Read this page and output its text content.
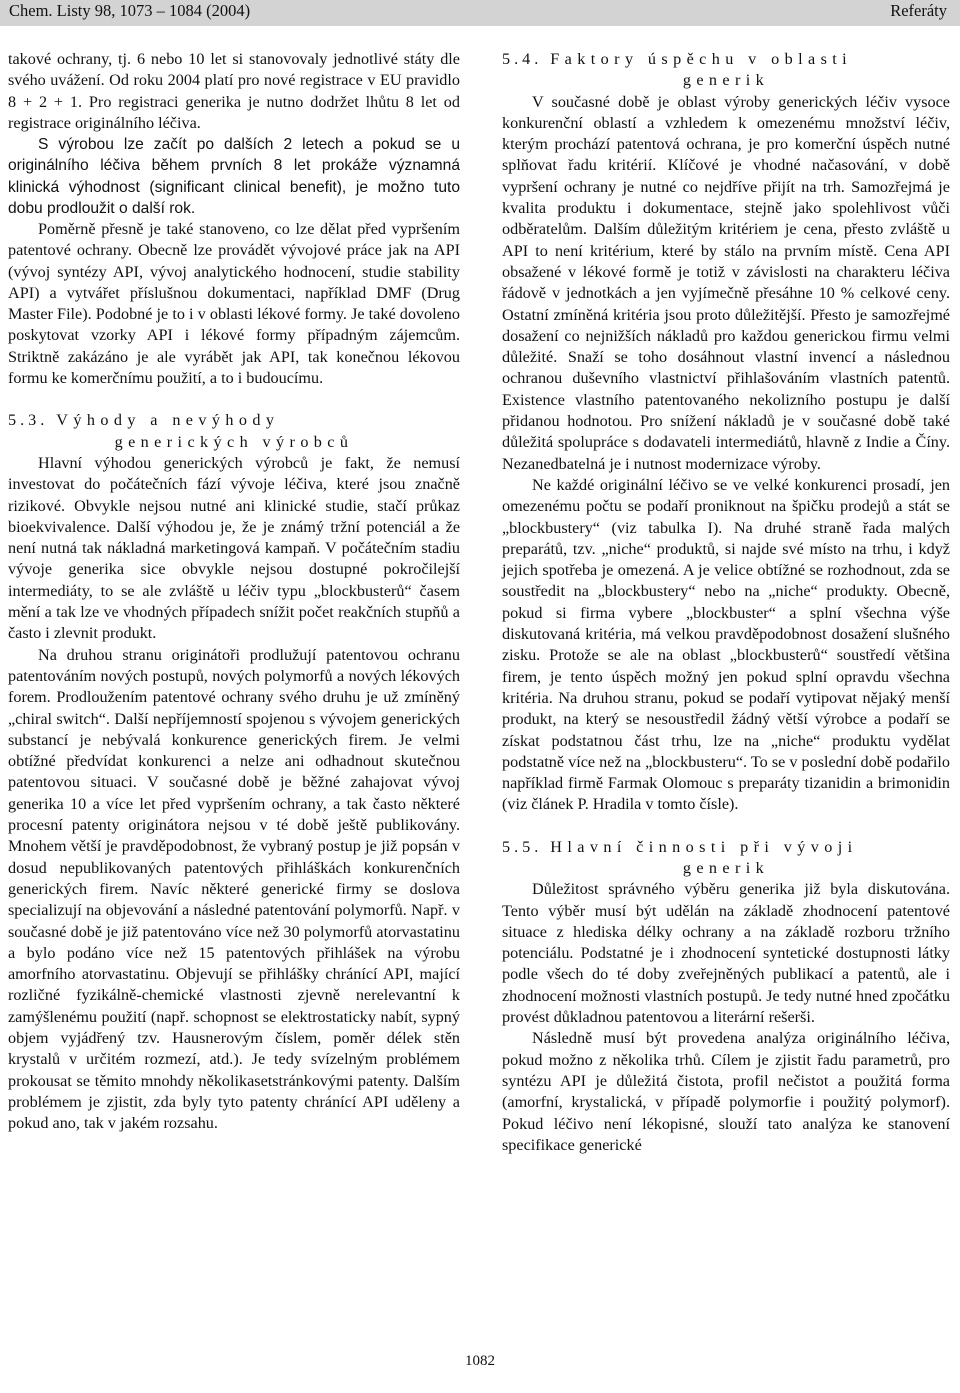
Chem. Listy 98, 1073 – 1084 (2004)	Referáty

takové ochrany, tj. 6 nebo 10 let si stanovovaly jednotlivé státy dle svého uvážení. Od roku 2004 platí pro nové registrace v EU pravidlo 8 + 2 + 1. Pro registraci generika je nutno dodržet lhůtu 8 let od registrace originálního léčiva.

S výrobou lze začít po dalších 2 letech a pokud se u originálního léčiva během prvních 8 let prokáže významná klinická výhodnost (significant clinical benefit), je možno tuto dobu prodloužit o další rok.

Poměrně přesně je také stanoveno, co lze dělat před vypršením patentové ochrany. Obecně lze provádět vývojové práce jak na API (vývoj syntézy API, vývoj analytického hodnocení, studie stability API) a vytvářet příslušnou dokumentaci, například DMF (Drug Master File). Podobné je to i v oblasti lékové formy. Je také dovoleno poskytovat vzorky API i lékové formy případným zájemcům. Striktně zakázáno je ale vyrábět jak API, tak konečnou lékovou formu ke komerčnímu použití, a to i budoucímu.

5.3. Výhody a nevýhody
generických výrobců

Hlavní výhodou generických výrobců je fakt, že nemusí investovat do počátečních fází vývoje léčiva, které jsou značně rizikové. Obvykle nejsou nutné ani klinické studie, stačí průkaz bioekvivalence. Další výhodou je, že je známý tržní potenciál a že není nutná tak nákladná marketingová kampaň. V počátečním stadiu vývoje generika sice obvykle nejsou dostupné pokročilejší intermediáty, to se ale zvláště u léčiv typu „blockbusterů“ časem mění a tak lze ve vhodných případech snížit počet reakčních stupňů a často i zlevnit produkt.

Na druhou stranu originátoři prodlužují patentovou ochranu patentováním nových postupů, nových polymorfů a nových lékových forem. Prodloužením patentové ochrany svého druhu je už zmíněný „chiral switch“. Další nepříjemností spojenou s vývojem generických substancí je nebývalá konkurence generických firem. Je velmi obtížné předvídat konkurenci a nelze ani odhadnout skutečnou patentovou situaci. V současné době je běžné zahajovat vývoj generika 10 a více let před vypršením ochrany, a tak často některé procesní patenty originátora nejsou v té době ještě publikovány. Mnohem větší je pravděpodobnost, že vybraný postup je již popsán v dosud nepublikovaných patentových přihláškách konkurenčních generických firem. Navíc některé generické firmy se doslova specializují na objevování a následné patentování polymorfů. Např. v současné době je již patentováno více než 30 polymorfů atorvastatinu a bylo podáno více než 15 patentových přihlášek na výrobu amorfního atorvastatinu. Objevují se přihlášky chránící API, mající rozličné fyzikálně-chemické vlastnosti zjevně nerelevantní k zamýšlenému použití (např. schopnost se elektrostaticky nabít, sypný objem vyjádřený tzv. Hausnerovým číslem, poměr délek stěn krystalů v určitém rozmezí, atd.). Je tedy svízelným problémem prokousat se těmito mnohdy několikasetstránkovými patenty. Dalším problémem je zjistit, zda byly tyto patenty chránící API uděleny a pokud ano, tak v jakém rozsahu.

5.4. Faktory úspěchu v oblasti
generik

V současné době je oblast výroby generických léčiv vysoce konkurenční oblastí a vzhledem k omezenému množství léčiv, kterým prochází patentová ochrana, je pro komerční úspěch nutné splňovat řadu kritérií. Klíčové je vhodné načasování, v době vypršení ochrany je nutné co nejdříve přijít na trh. Samozřejmá je kvalita produktu i dokumentace, stejně jako spolehlivost vůči odběratelům. Dalším důležitým kritériem je cena, přesto zvláště u API to není kritérium, které by stálo na prvním místě. Cena API obsažené v lékové formě je totiž v závislosti na charakteru léčiva řádově v jednotkách a jen vyjímečně přesáhne 10 % celkové ceny. Ostatní zmíněná kritéria jsou proto důležitější. Přesto je samozřejmé dosažení co nejnižších nákladů pro každou generickou firmu velmi důležité. Snaží se toho dosáhnout vlastní invencí a následnou ochranou duševního vlastnictví přihlašováním vlastních patentů. Existence vlastního patentovaného nekolizního postupu je další přidanou hodnotou. Pro snížení nákladů je v současné době také důležitá spolupráce s dodavateli intermediátů, hlavně z Indie a Číny. Nezanedbatelná je i nutnost modernizace výroby.

Ne každé originální léčivo se ve velké konkurenci prosadí, jen omezenému počtu se podaří proniknout na špičku prodejů a stát se „blockbustery“ (viz tabulka I). Na druhé straně řada malých preparátů, tzv. „niche“ produktů, si najde své místo na trhu, i když jejich spotřeba je omezená. A je velice obtížné se rozhodnout, zda se soustředit na „blockbustery“ nebo na „niche“ produkty. Obecně, pokud si firma vybere „blockbuster“ a splní všechna výše diskutovaná kritéria, má velkou pravděpodobnost dosažení slušného zisku. Protože se ale na oblast „blockbusterů“ soustředí většina firem, je tento úspěch možný jen pokud splní opravdu všechna kritéria. Na druhou stranu, pokud se podaří vytipovat nějaký menší produkt, na který se nesoustředil žádný větší výrobce a podaří se získat podstatnou část trhu, lze na „niche“ produktu vydělat podstatně více než na „blockbusteru“. To se v poslední době podařilo například firmě Farmak Olomouc s preparáty tizanidin a brimonidin (viz článek P. Hradila v tomto čísle).

5.5. Hlavní činnosti při vývoji
generik

Důležitost správného výběru generika již byla diskutována. Tento výběr musí být udělán na základě zhodnocení patentové situace z hlediska délky ochrany a na základě rozboru tržního potenciálu. Podstatné je i zhodnocení syntetické dostupnosti látky podle všech do té doby zveřejněných publikací a patentů, ale i zhodnocení možnosti vlastních postupů. Je tedy nutné hned zpočátku provést důkladnou patentovou a literární rešerši.

Následně musí být provedena analýza originálního léčiva, pokud možno z několika trhů. Cílem je zjistit řadu parametrů, pro syntézu API je důležitá čistota, profil nečistot a použitá forma (amorfní, krystalická, v případě polymorfie i použitý polymorf). Pokud léčivo není lékopisné, slouží tato analýza ke stanovení specifikace generické

1082
